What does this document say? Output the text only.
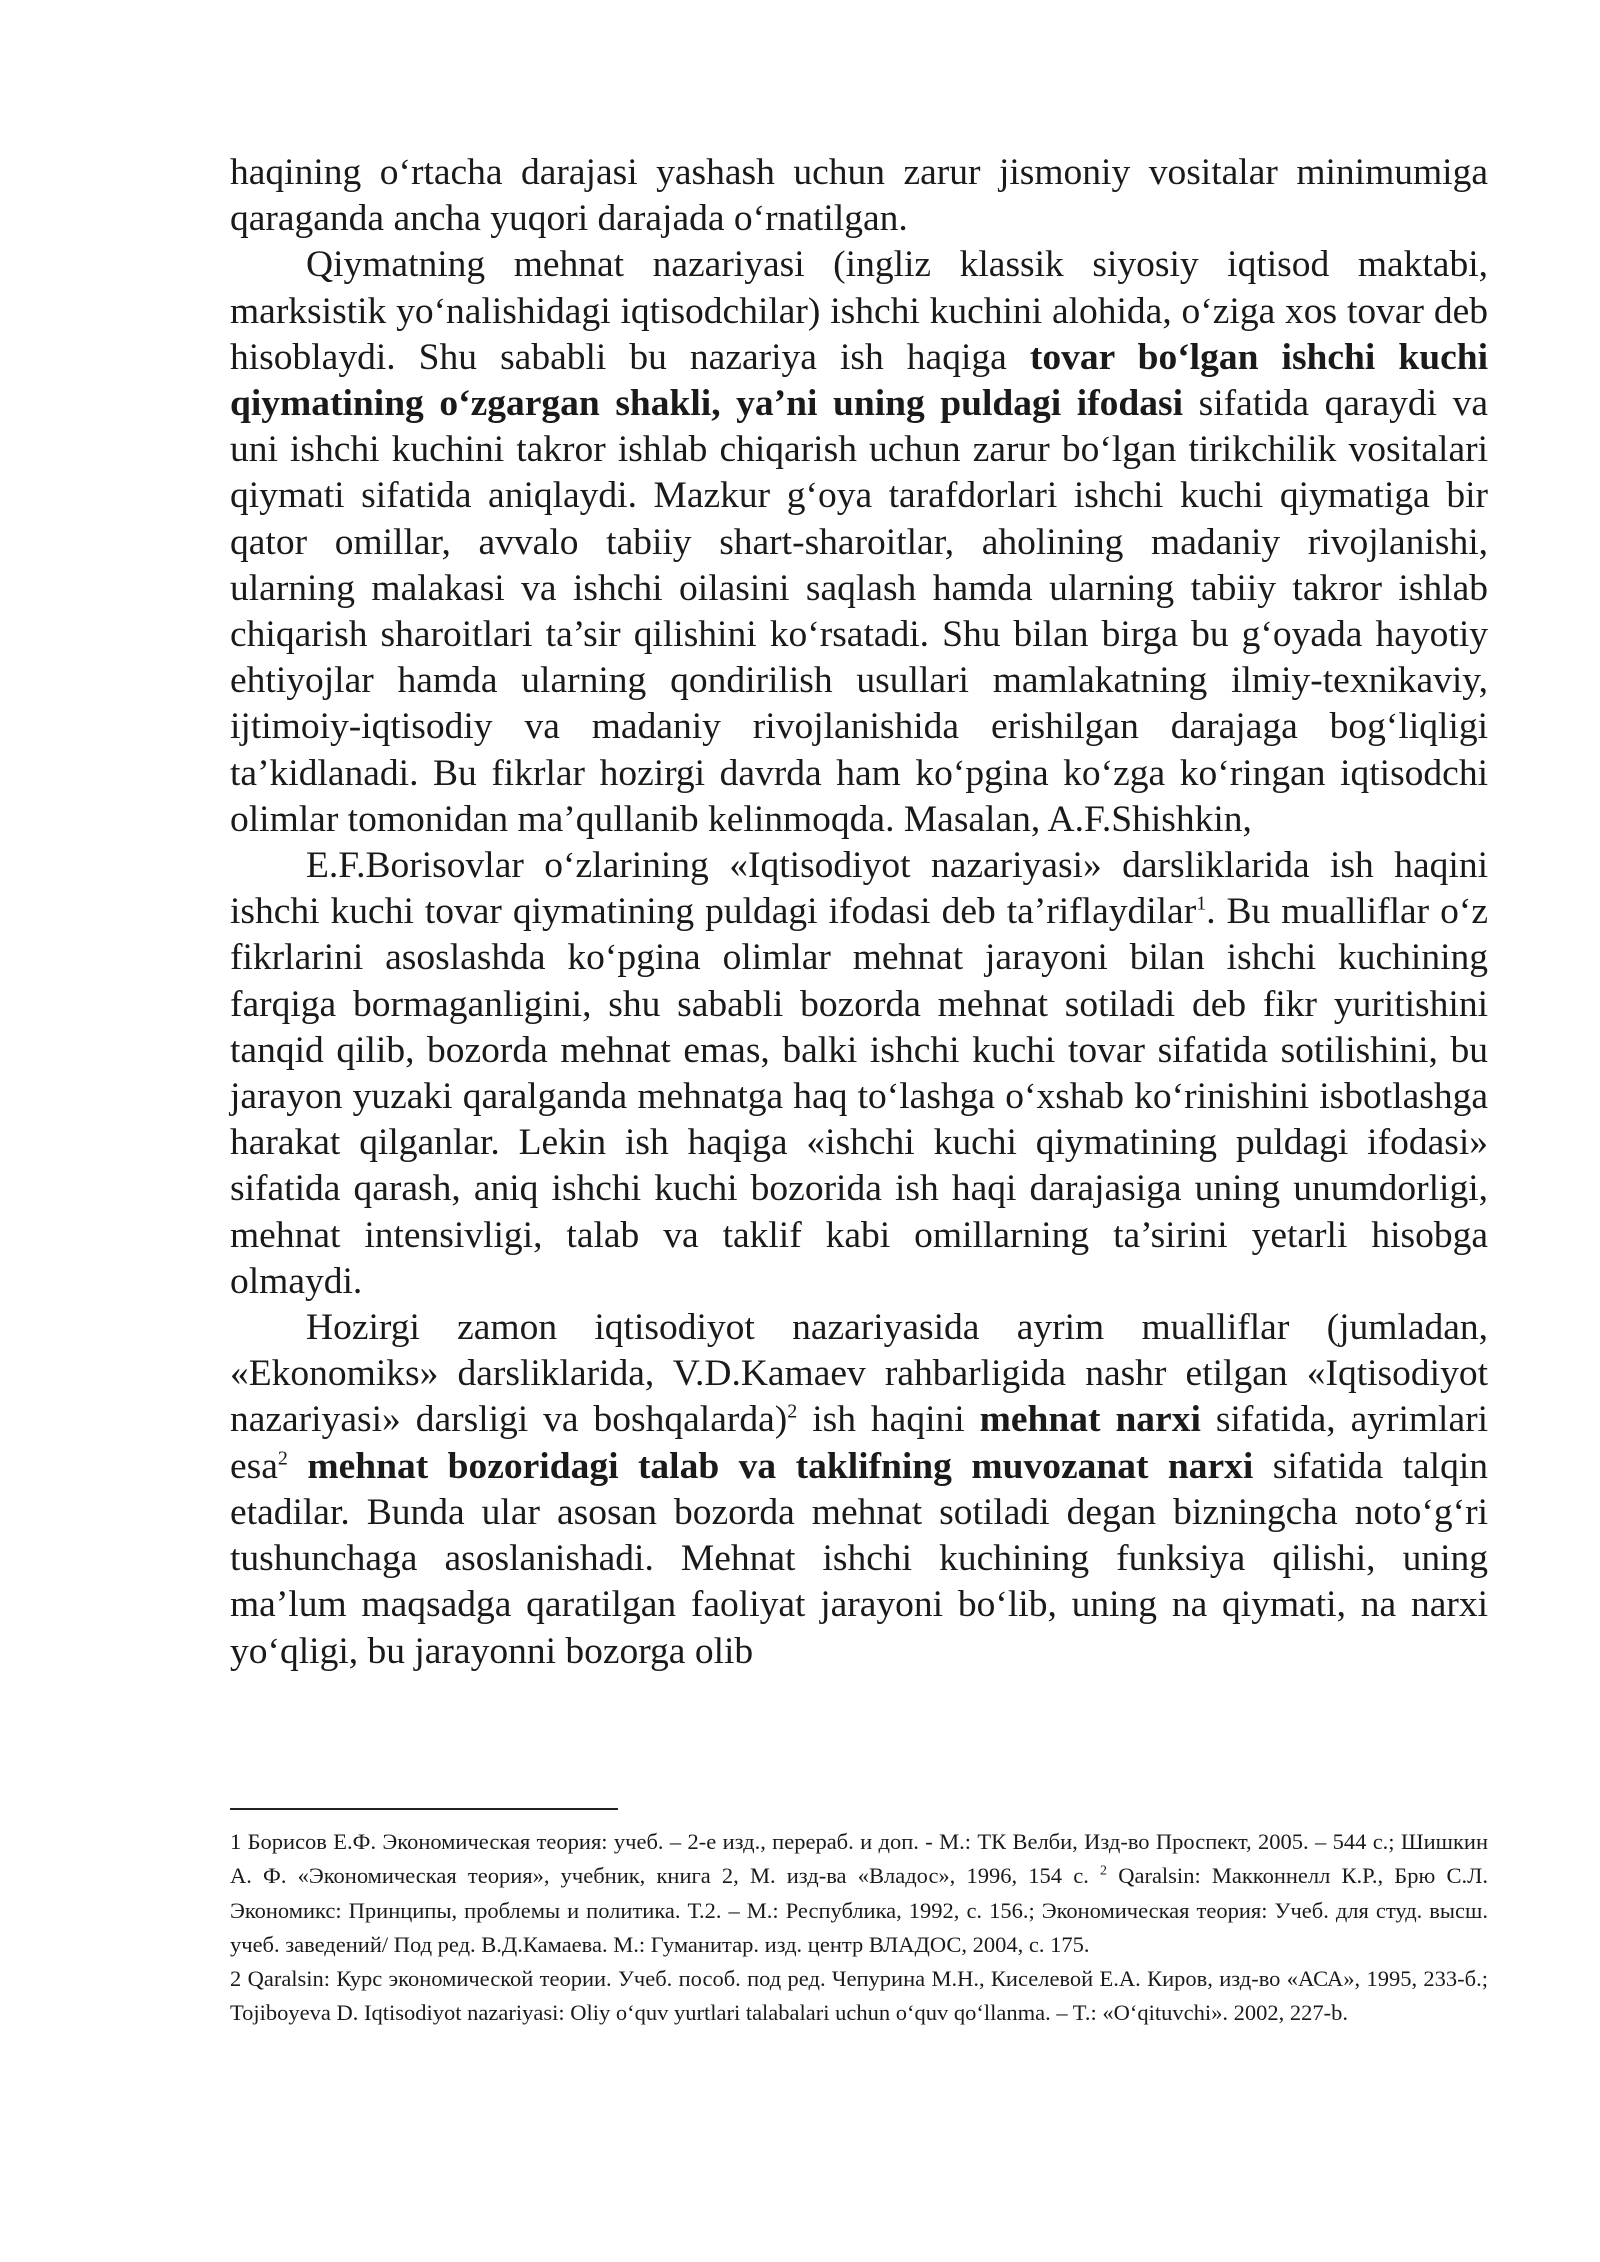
haqining o‘rtacha darajasi yashash uchun zarur jismoniy vositalar minimumiga qaraganda ancha yuqori darajada o‘rnatilgan.

Qiymatning mehnat nazariyasi (ingliz klassik siyosiy iqtisod maktabi, marksistik yo‘nalishidagi iqtisodchilar) ishchi kuchini alohida, o‘ziga xos tovar deb hisoblaydi. Shu sababli bu nazariya ish haqiga tovar bo‘lgan ishchi kuchi qiymatining o‘zgargan shakli, ya’ni uning puldagi ifodasi sifatida qaraydi va uni ishchi kuchini takror ishlab chiqarish uchun zarur bo‘lgan tirikchilik vositalari qiymati sifatida aniqlaydi. Mazkur g‘oya tarafdorlari ishchi kuchi qiymatiga bir qator omillar, avvalo tabiiy shart-sharoitlar, aholining madaniy rivojlanishi, ularning malakasi va ishchi oilasini saqlash hamda ularning tabiiy takror ishlab chiqarish sharoitlari ta’sir qilishini ko‘rsatadi. Shu bilan birga bu g‘oyada hayotiy ehtiyojlar hamda ularning qondirilish usullari mamlakatning ilmiy-texnikaviy, ijtimoiy-iqtisodiy va madaniy rivojlanishida erishilgan darajaga bog‘liqligi ta’kidlanadi. Bu fikrlar hozirgi davrda ham ko‘pgina ko‘zga ko‘ringan iqtisodchi olimlar tomonidan ma’qullanib kelinmoqda. Masalan, A.F.Shishkin,

E.F.Borisovlar o‘zlarining «Iqtisodiyot nazariyasi» darsliklarida ish haqini ishchi kuchi tovar qiymatining puldagi ifodasi deb ta’riflaydilar$^1$. Bu mualliflar o‘z fikrlarini asoslashda ko‘pgina olimlar mehnat jarayoni bilan ishchi kuchining farqiga bormaganligini, shu sababli bozorda mehnat sotiladi deb fikr yuritishini tanqid qilib, bozorda mehnat emas, balki ishchi kuchi tovar sifatida sotilishini, bu jarayon yuzaki qaralganda mehnatga haq to‘lashga o‘xshab ko‘rinishini isbotlashga harakat qilganlar. Lekin ish haqiga «ishchi kuchi qiymatining puldagi ifodasi» sifatida qarash, aniq ishchi kuchi bozorida ish haqi darajasiga uning unumdorligi, mehnat intensivligi, talab va taklif kabi omillarning ta’sirini yetarli hisobga olmaydi.

Hozirgi zamon iqtisodiyot nazariyasida ayrim mualliflar (jumladan, «Ekonomiks» darsliklarida, V.D.Kamaev rahbarligida nashr etilgan «Iqtisodiyot nazariyasi» darsligi va boshqalarda)$^2$ ish haqini mehnat narxi sifatida, ayrimlari esa$^2$ mehnat bozoridagi talab va taklifning muvozanat narxi sifatida talqin etadilar. Bunda ular asosan bozorda mehnat sotiladi degan bizningcha noto‘g‘ri tushunchaga asoslanishadi. Mehnat ishchi kuchining funksiya qilishi, uning ma’lum maqsadga qaratilgan faoliyat jarayoni bo‘lib, uning na qiymati, na narxi yo‘qligi, bu jarayonni bozorga olib

1 Борисов Е.Ф. Экономическая теория: учеб. – 2-е изд., перераб. и доп. - М.: ТК Велби, Изд-во Проспект, 2005. – 544 с.; Шишкин А. Ф. «Экономическая теория», учебник, книга 2, М. изд-ва «Владос», 1996, 154 с. $^2$ Qaralsin: Макконнелл К.Р., Брю С.Л. Экономикс: Принципы, проблемы и политика. Т.2. – М.: Республика, 1992, с. 156.; Экономическая теория: Учеб. для студ. высш. учеб. заведений/ Под ред. В.Д.Камаева. М.: Гуманитар. изд. центр ВЛАДОС, 2004, с. 175.

2 Qaralsin: Курс экономической теории. Учеб. пособ. под ред. Чепурина М.Н., Киселевой Е.А. Киров, изд-во «АСА», 1995, 233-б.; Tojiboyeva D. Iqtisodiyot nazariyasi: Oliy o‘quv yurtlari talabalari uchun o‘quv qo‘llanma. – T.: «O‘qituvchi». 2002, 227-b.
